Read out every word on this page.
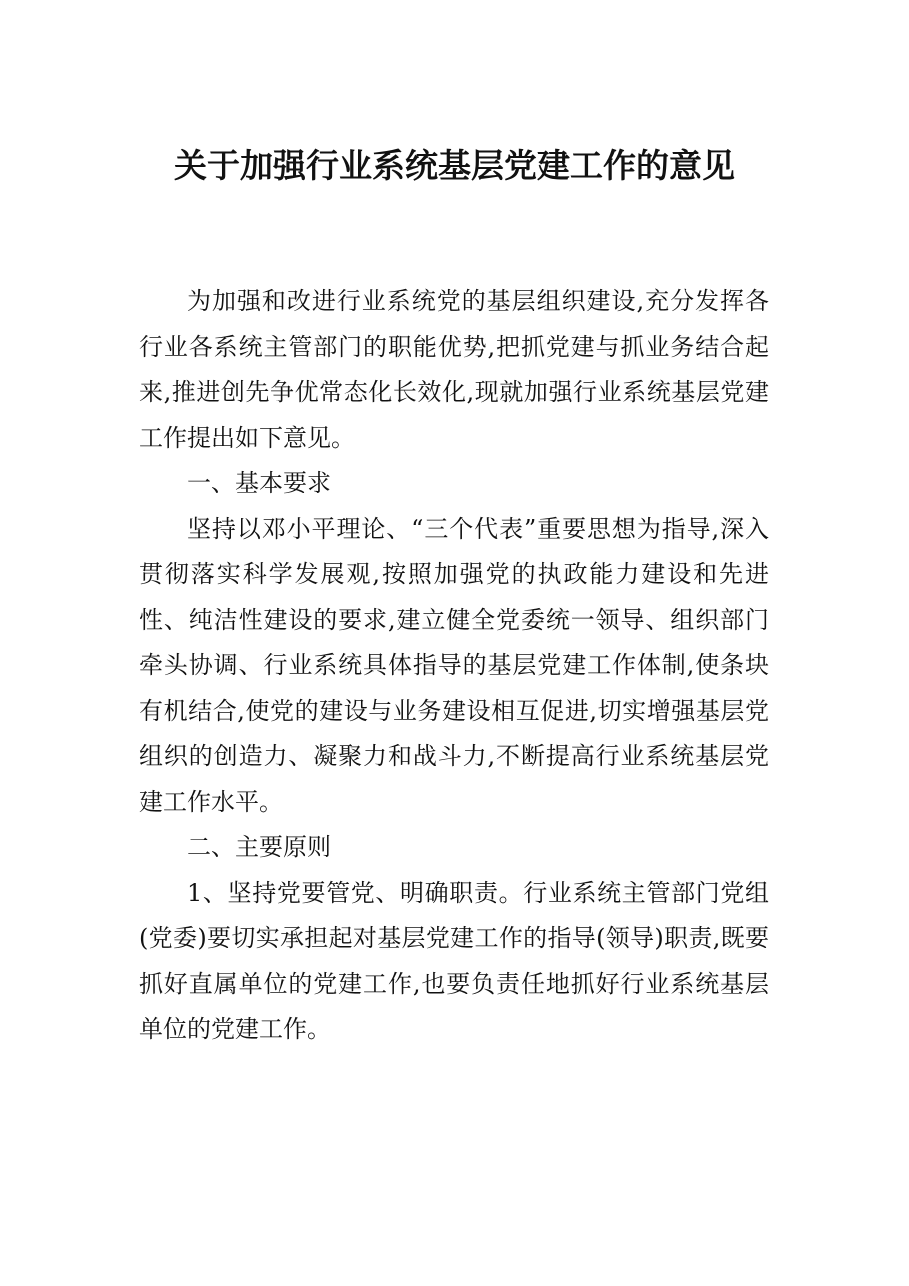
关于加强行业系统基层党建工作的意见

为加强和改进行业系统党的基层组织建设,充分发挥各行业各系统主管部门的职能优势,把抓党建与抓业务结合起来,推进创先争优常态化长效化,现就加强行业系统基层党建工作提出如下意见。

一、基本要求

坚持以邓小平理论、“三个代表”重要思想为指导,深入贯彻落实科学发展观,按照加强党的执政能力建设和先进性、纯洁性建设的要求,建立健全党委统一领导、组织部门牵头协调、行业系统具体指导的基层党建工作体制,使条块有机结合,使党的建设与业务建设相互促进,切实增强基层党组织的创造力、凝聚力和战斗力,不断提高行业系统基层党建工作水平。

二、主要原则

1、坚持党要管党、明确职责。行业系统主管部门党组(党委)要切实承担起对基层党建工作的指导(领导)职责,既要抓好直属单位的党建工作,也要负责任地抓好行业系统基层单位的党建工作。
